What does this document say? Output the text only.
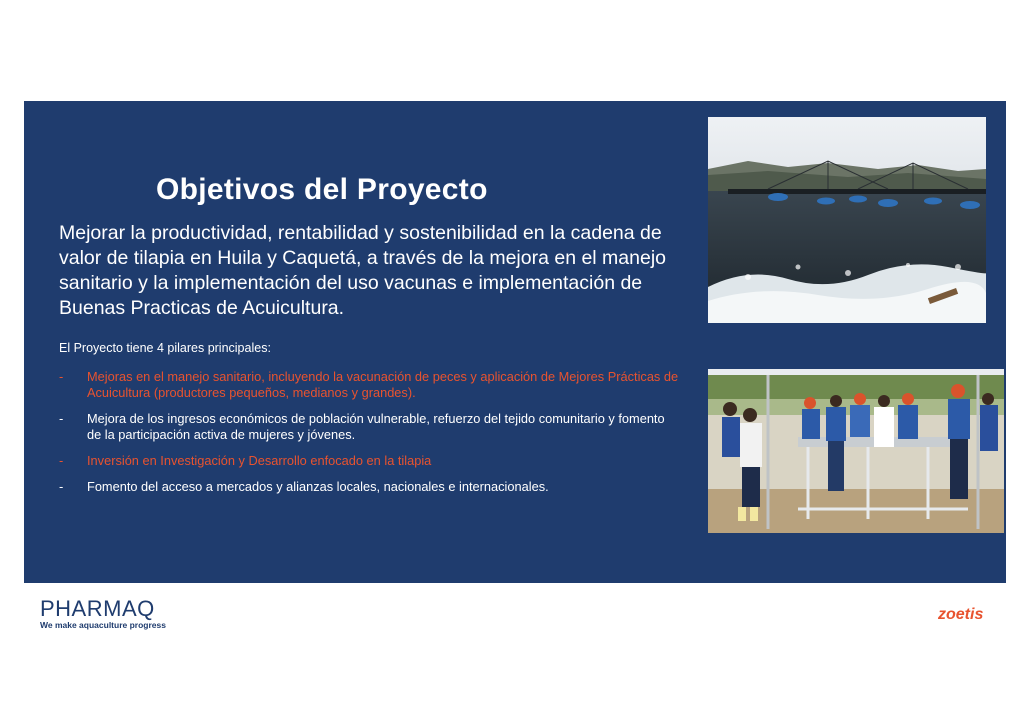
Objetivos del Proyecto
Mejorar la productividad, rentabilidad y sostenibilidad en la cadena de valor de tilapia en Huila y Caquetá, a través de la mejora en el manejo sanitario y la implementación del uso vacunas e implementación de Buenas Practicas de Acuicultura.
El Proyecto tiene 4 pilares principales:
- Mejoras en el manejo sanitario, incluyendo la vacunación de peces y aplicación de Mejores Prácticas de Acuicultura (productores pequeños, medianos y grandes).
- Mejora de los ingresos económicos de población vulnerable, refuerzo del tejido comunitario y fomento de la participación activa de mujeres y jóvenes.
- Inversión en Investigación y Desarrollo enfocado en la tilapia
- Fomento del acceso a mercados y alianzas locales, nacionales e internacionales.
PHARMAQ
We make aquaculture progress
zoetis
